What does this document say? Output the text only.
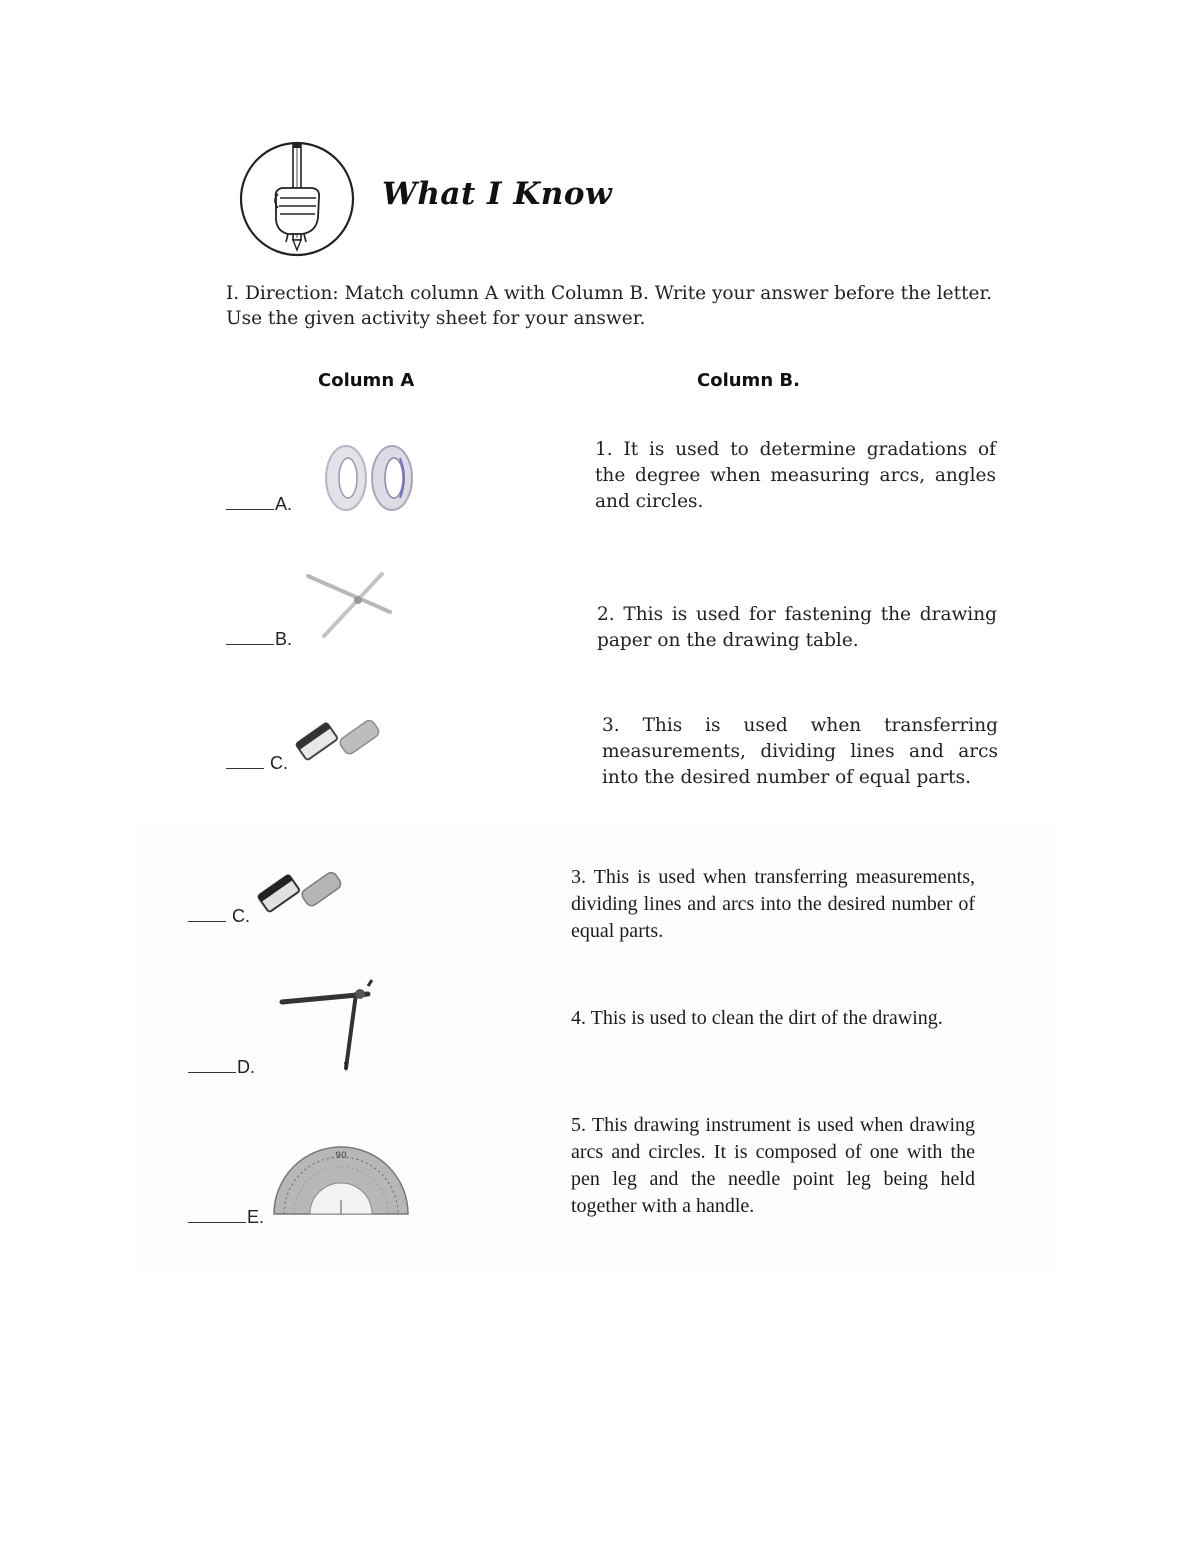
What I Know
I. Direction: Match column A with Column B. Write your answer before the letter.
Use the given activity sheet for your answer.
Column A	Column B.
A.
1. It is used to determine gradations of the degree when measuring arcs, angles and circles.
B.
2. This is used for fastening the drawing paper on the drawing table.
C.
3. This is used when transferring measurements, dividing lines and arcs into the desired number of equal parts.
C.
3. This is used when transferring measurements, dividing lines and arcs into the desired number of equal parts.
D.
4. This is used to clean the dirt of the drawing.
E.
90
5. This drawing instrument is used when drawing arcs and circles. It is composed of one with the pen leg and the needle point leg being held together with a handle.
